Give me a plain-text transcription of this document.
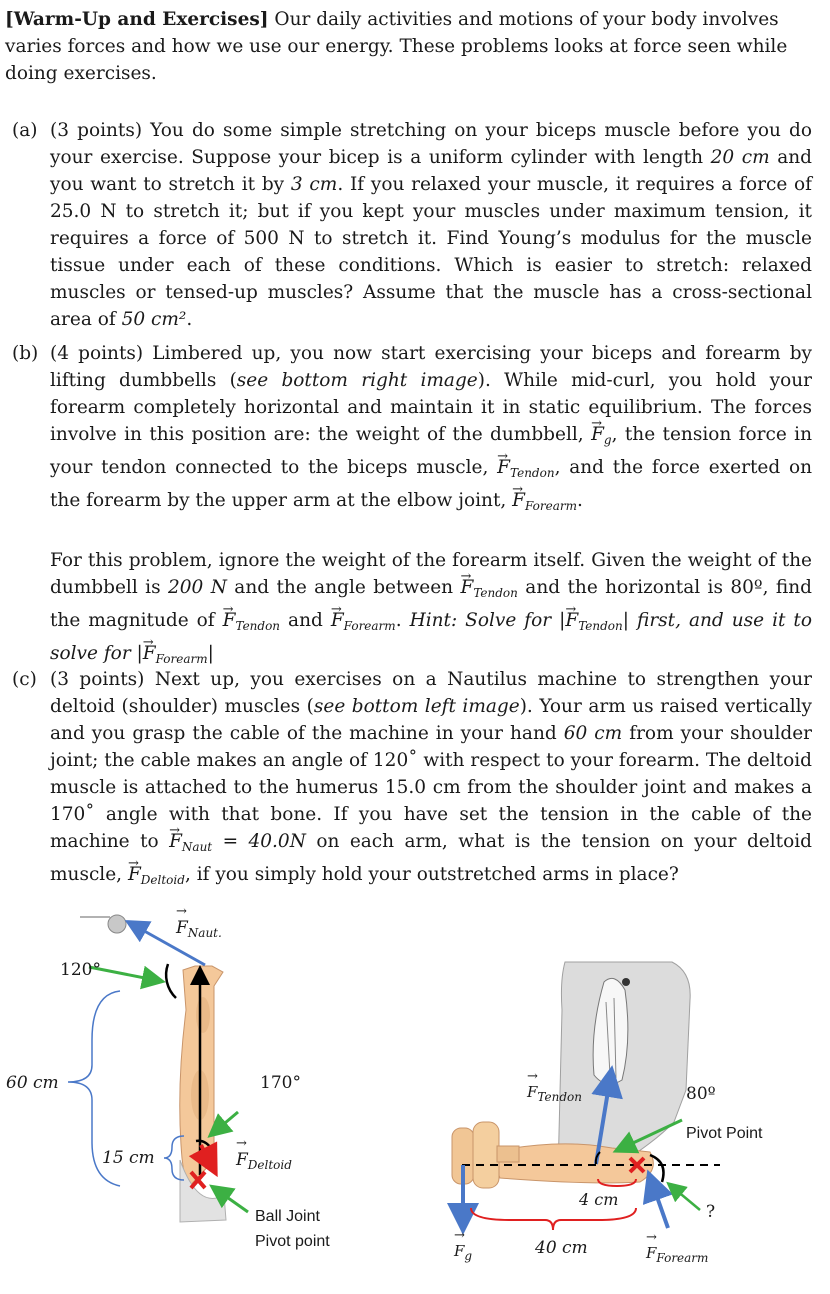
[Warm-Up and Exercises] Our daily activities and motions of your body involves varies forces and how we use our energy. These problems looks at force seen while doing exercises.
(a) (3 points) You do some simple stretching on your biceps muscle before you do your exercise. Suppose your bicep is a uniform cylinder with length 20 cm and you want to stretch it by 3 cm. If you relaxed your muscle, it requires a force of 25.0 N to stretch it; but if you kept your muscles under maximum tension, it requires a force of 500 N to stretch it. Find Young’s modulus for the muscle tissue under each of these conditions. Which is easier to stretch: relaxed muscles or tensed-up muscles? Assume that the muscle has a cross-sectional area of 50 cm².

(b) (4 points) Limbered up, you now start exercising your biceps and forearm by lifting dumbbells (see bottom right image). While mid-curl, you hold your forearm completely horizontal and maintain it in static equilibrium. The forces involve in this position are: the weight of the dumbbell, → $F_g$, the tension force in your tendon connected to the biceps muscle, → $F_{Tendon}$, and the force exerted on the forearm by the upper arm at the elbow joint, → $F_{Forearm}$.

For this problem, ignore the weight of the forearm itself. Given the weight of the dumbbell is 200 N and the angle between → $F_{Tendon}$ and the horizontal is 80º, find the magnitude of → $F_{Tendon}$ and → $F_{Forearm}$. Hint: Solve for |→ $F_{Tendon}|$ first, and use it to solve for |→ $F_{Forearm}|$

(c) (3 points) Next up, you exercises on a Nautilus machine to strengthen your deltoid (shoulder) muscles (see bottom left image). Your arm us raised vertically and you grasp the cable of the machine in your hand 60 cm from your shoulder joint; the cable makes an angle of 120˚ with respect to your forearm. The deltoid muscle is attached to the humerus 15.0 cm from the shoulder joint and makes a 170˚ angle with that bone. If you have set the tension in the cable of the machine to → $F_{Naut} = 40.0N$ on each arm, what is the tension on your deltoid muscle, → $F_{Deltoid}$, if you simply hold your outstretched arms in place?

→ $F_{Naut.}$
120°
60 cm	170°
15 cm	→ $F_{Deltoid}$
Ball Joint
Pivot point
→ $F_{Tendon}$	80º
Pivot Point
4 cm
?
40 cm
→ $F_g$	→ $F_{Forearm}$
